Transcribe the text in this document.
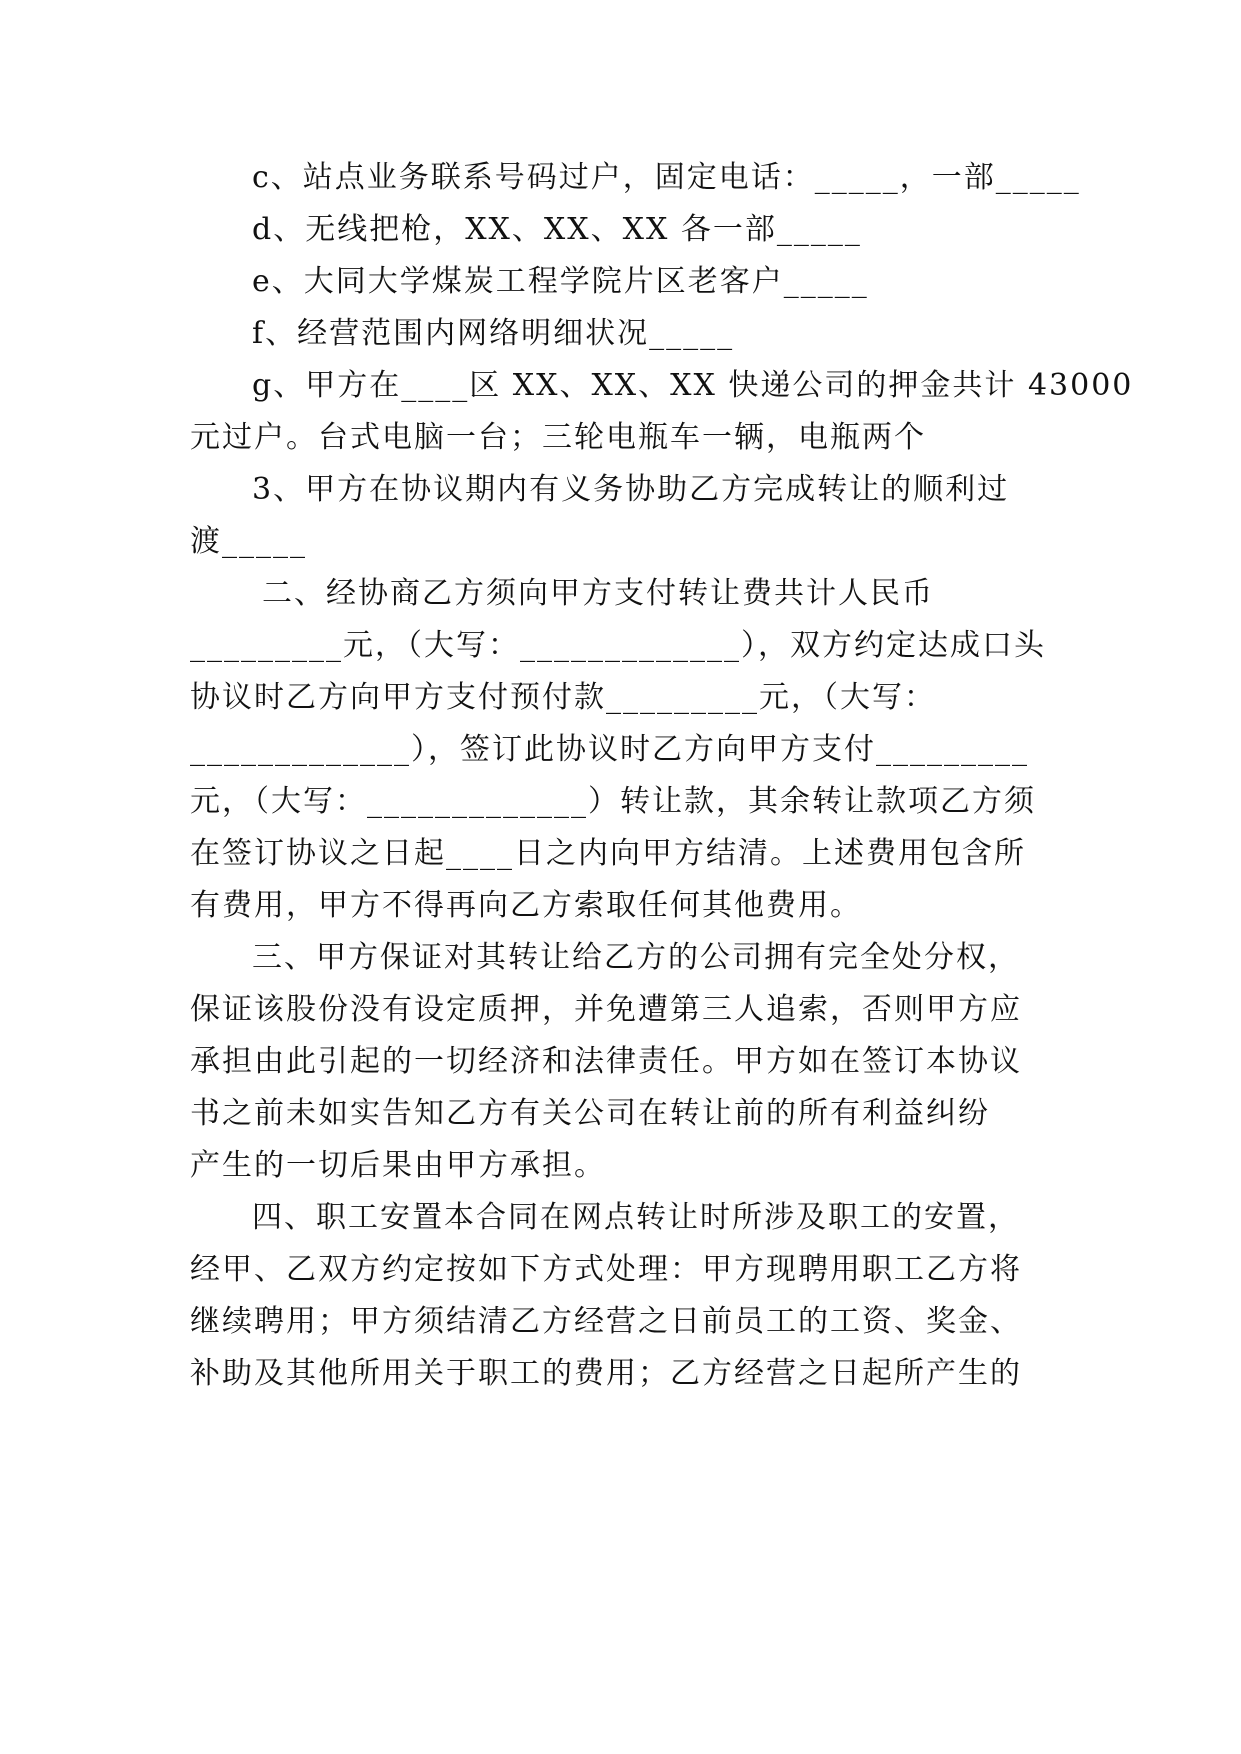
c、站点业务联系号码过户，固定电话：_____，一部_____
d、无线把枪，XX、XX、XX 各一部_____
e、大同大学煤炭工程学院片区老客户_____
f、经营范围内网络明细状况_____
g、甲方在____区 XX、XX、XX 快递公司的押金共计 43000
元过户。台式电脑一台；三轮电瓶车一辆，电瓶两个
3、甲方在协议期内有义务协助乙方完成转让的顺利过
渡_____
二、经协商乙方须向甲方支付转让费共计人民币
_________元，（大写：_____________），双方约定达成口头
协议时乙方向甲方支付预付款_________元，（大写：
_____________），签订此协议时乙方向甲方支付_________
元，（大写：_____________）转让款，其余转让款项乙方须
在签订协议之日起____日之内向甲方结清。上述费用包含所
有费用，甲方不得再向乙方索取任何其他费用。
三、甲方保证对其转让给乙方的公司拥有完全处分权，
保证该股份没有设定质押，并免遭第三人追索，否则甲方应
承担由此引起的一切经济和法律责任。甲方如在签订本协议
书之前未如实告知乙方有关公司在转让前的所有利益纠纷
产生的一切后果由甲方承担。
四、职工安置本合同在网点转让时所涉及职工的安置，
经甲、乙双方约定按如下方式处理：甲方现聘用职工乙方将
继续聘用；甲方须结清乙方经营之日前员工的工资、奖金、
补助及其他所用关于职工的费用；乙方经营之日起所产生的
